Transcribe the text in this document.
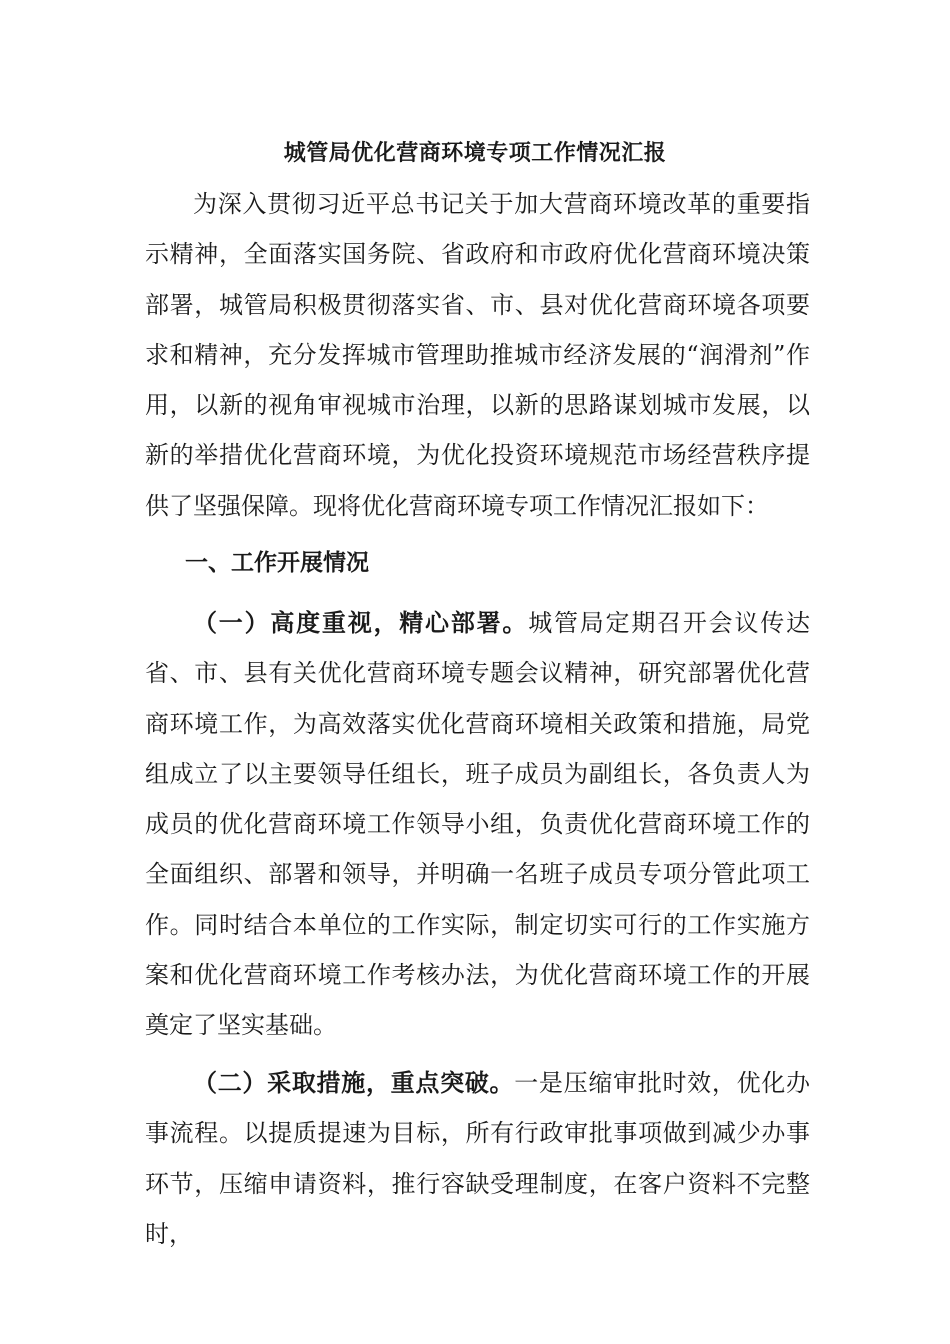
城管局优化营商环境专项工作情况汇报

为深入贯彻习近平总书记关于加大营商环境改革的重要指示精神，全面落实国务院、省政府和市政府优化营商环境决策部署，城管局积极贯彻落实省、市、县对优化营商环境各项要求和精神，充分发挥城市管理助推城市经济发展的“润滑剂”作用，以新的视角审视城市治理，以新的思路谋划城市发展，以新的举措优化营商环境，为优化投资环境规范市场经营秩序提供了坚强保障。现将优化营商环境专项工作情况汇报如下：

一、工作开展情况

（一）高度重视，精心部署。城管局定期召开会议传达省、市、县有关优化营商环境专题会议精神，研究部署优化营商环境工作，为高效落实优化营商环境相关政策和措施，局党组成立了以主要领导任组长，班子成员为副组长，各负责人为成员的优化营商环境工作领导小组，负责优化营商环境工作的全面组织、部署和领导，并明确一名班子成员专项分管此项工作。同时结合本单位的工作实际，制定切实可行的工作实施方案和优化营商环境工作考核办法，为优化营商环境工作的开展奠定了坚实基础。

（二）采取措施，重点突破。一是压缩审批时效，优化办事流程。以提质提速为目标，所有行政审批事项做到减少办事环节，压缩申请资料，推行容缺受理制度，在客户资料不完整时，
